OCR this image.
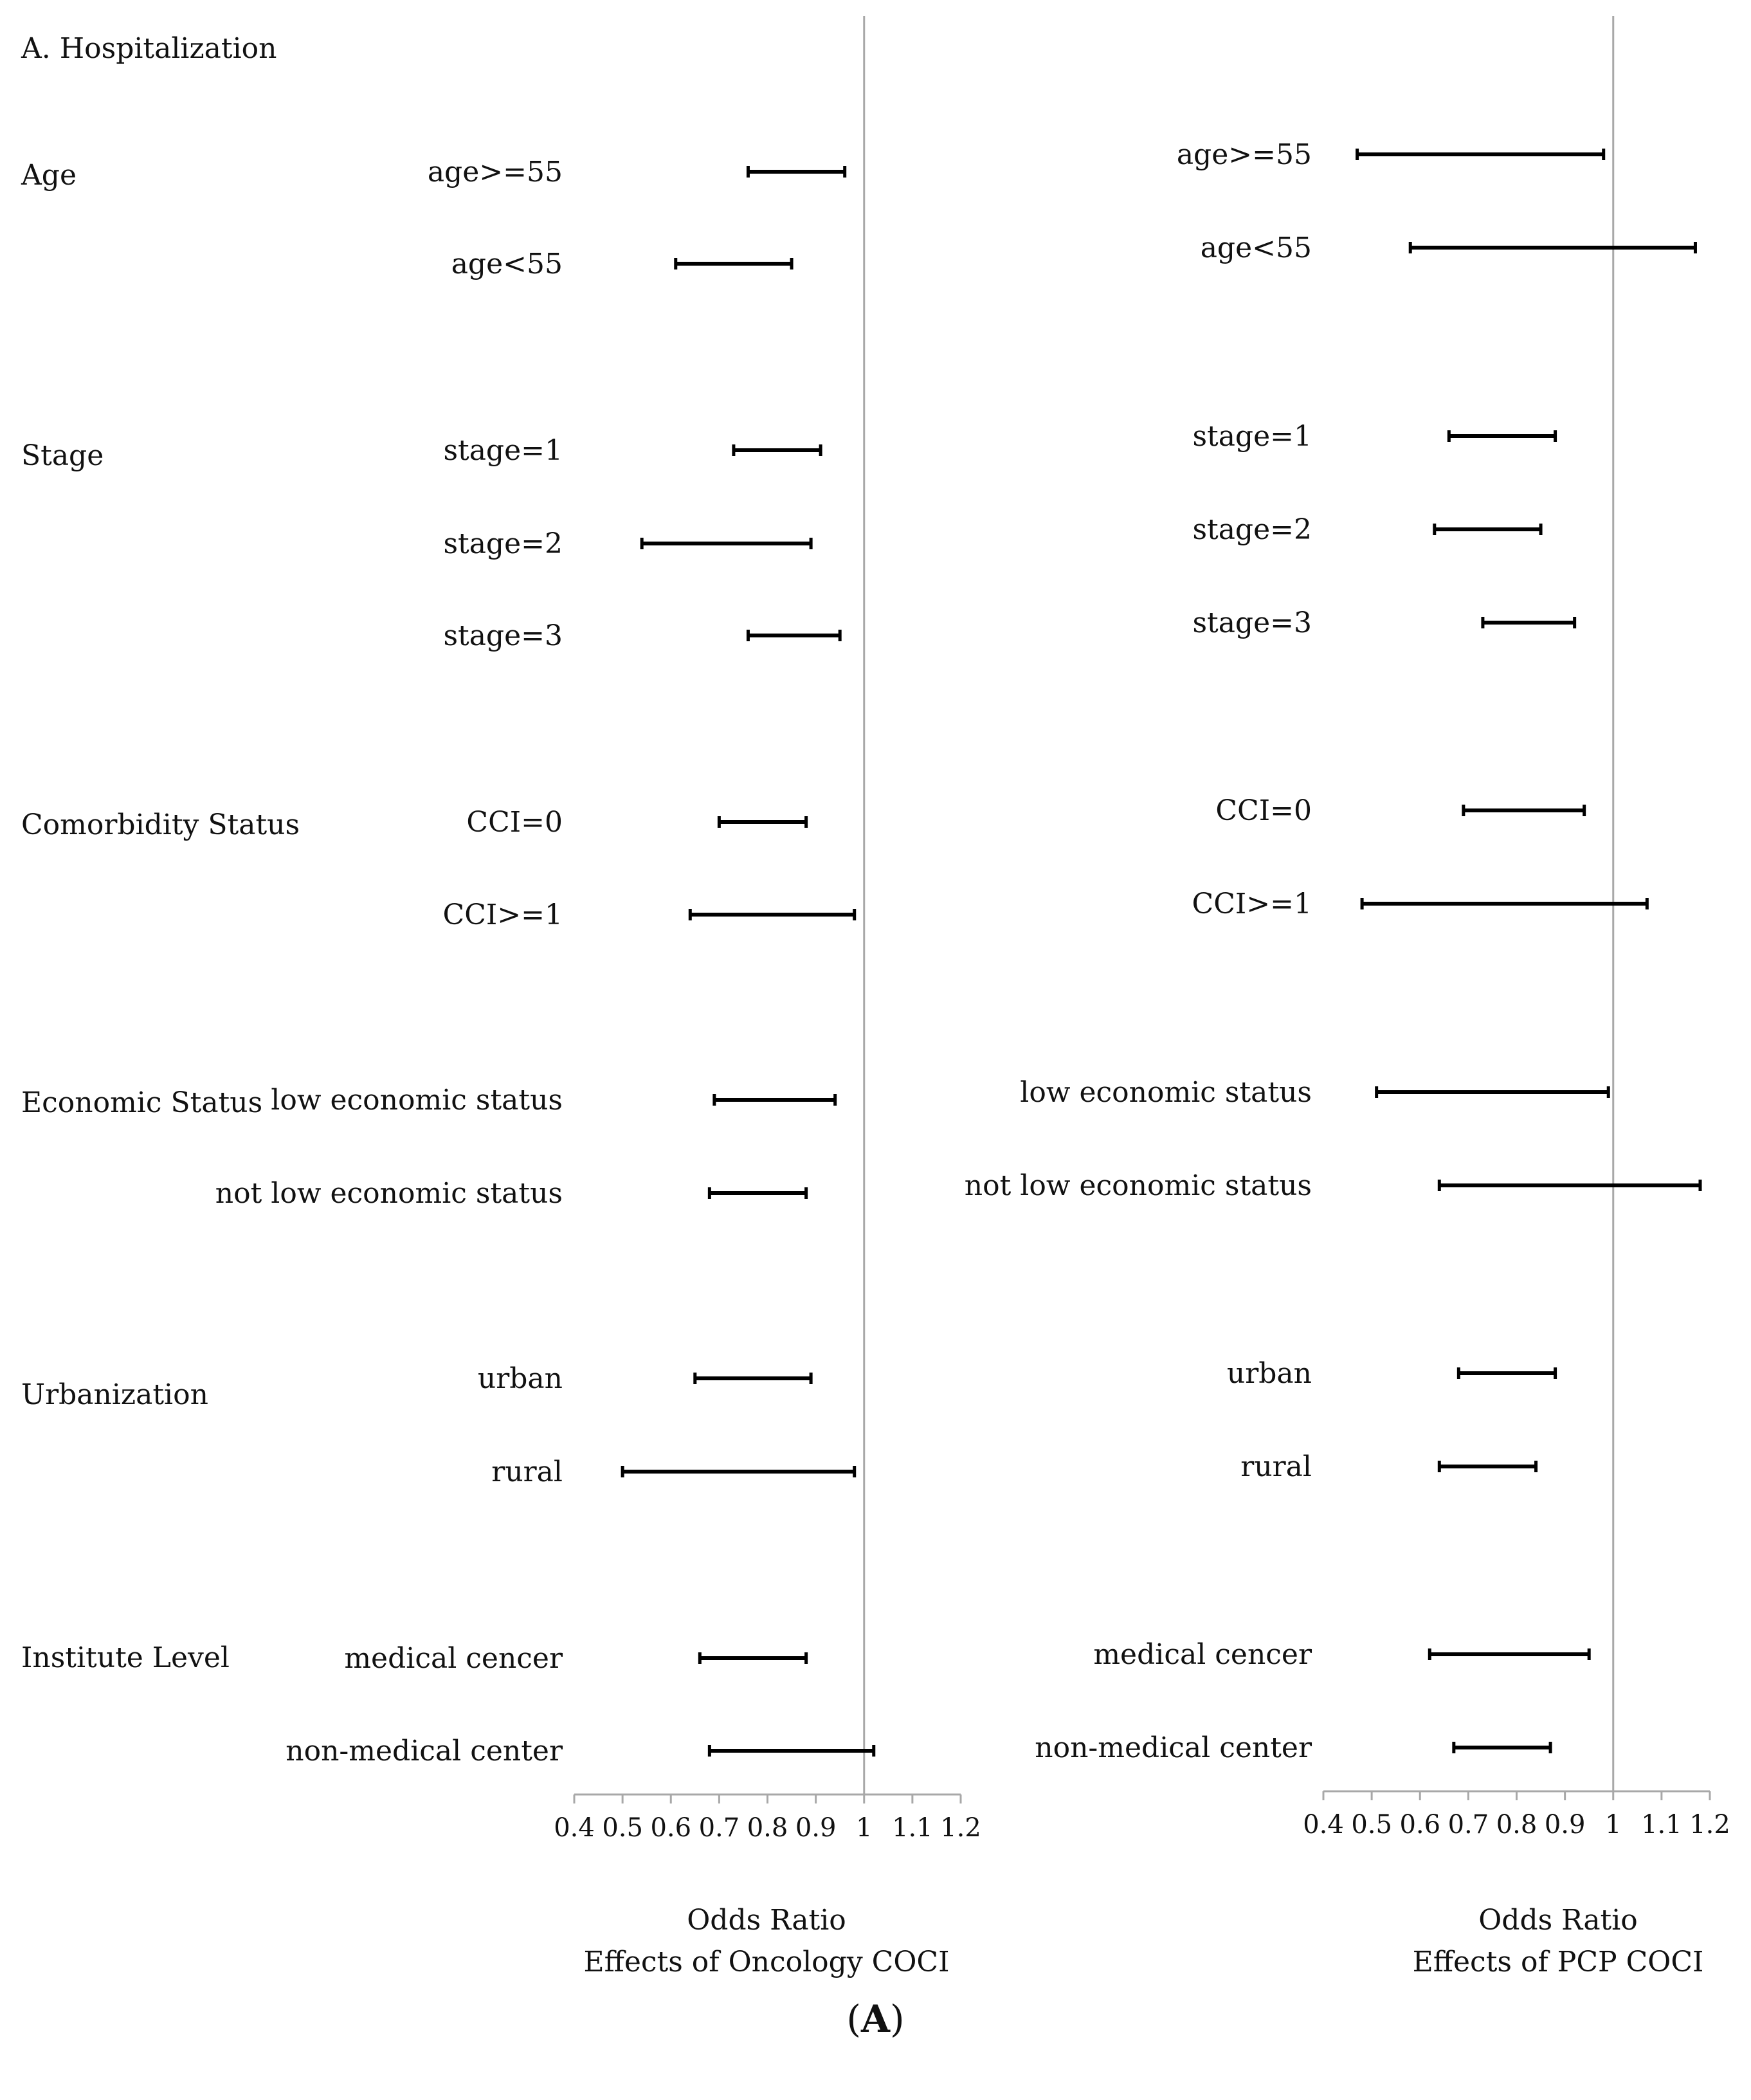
A. Hospitalization
Age
Stage
Comorbidity Status
Economic Status
Urbanization
Institute Level
0.4 0.5 0.6 0.7 0.8 0.9 1 1.1 1.2
age>=55
age<55
stage=1
stage=2
stage=3
CCI=0
CCI>=1
low economic status
not low economic status
urban
rural
medical cencer
non-medical center
Odds Ratio
Effects of Oncology COCI
0.4 0.5 0.6 0.7 0.8 0.9 1 1.1 1.2
age>=55
age<55
stage=1
stage=2
stage=3
CCI=0
CCI>=1
low economic status
not low economic status
urban
rural
medical cencer
non-medical center
Odds Ratio
Effects of PCP COCI
(A)
